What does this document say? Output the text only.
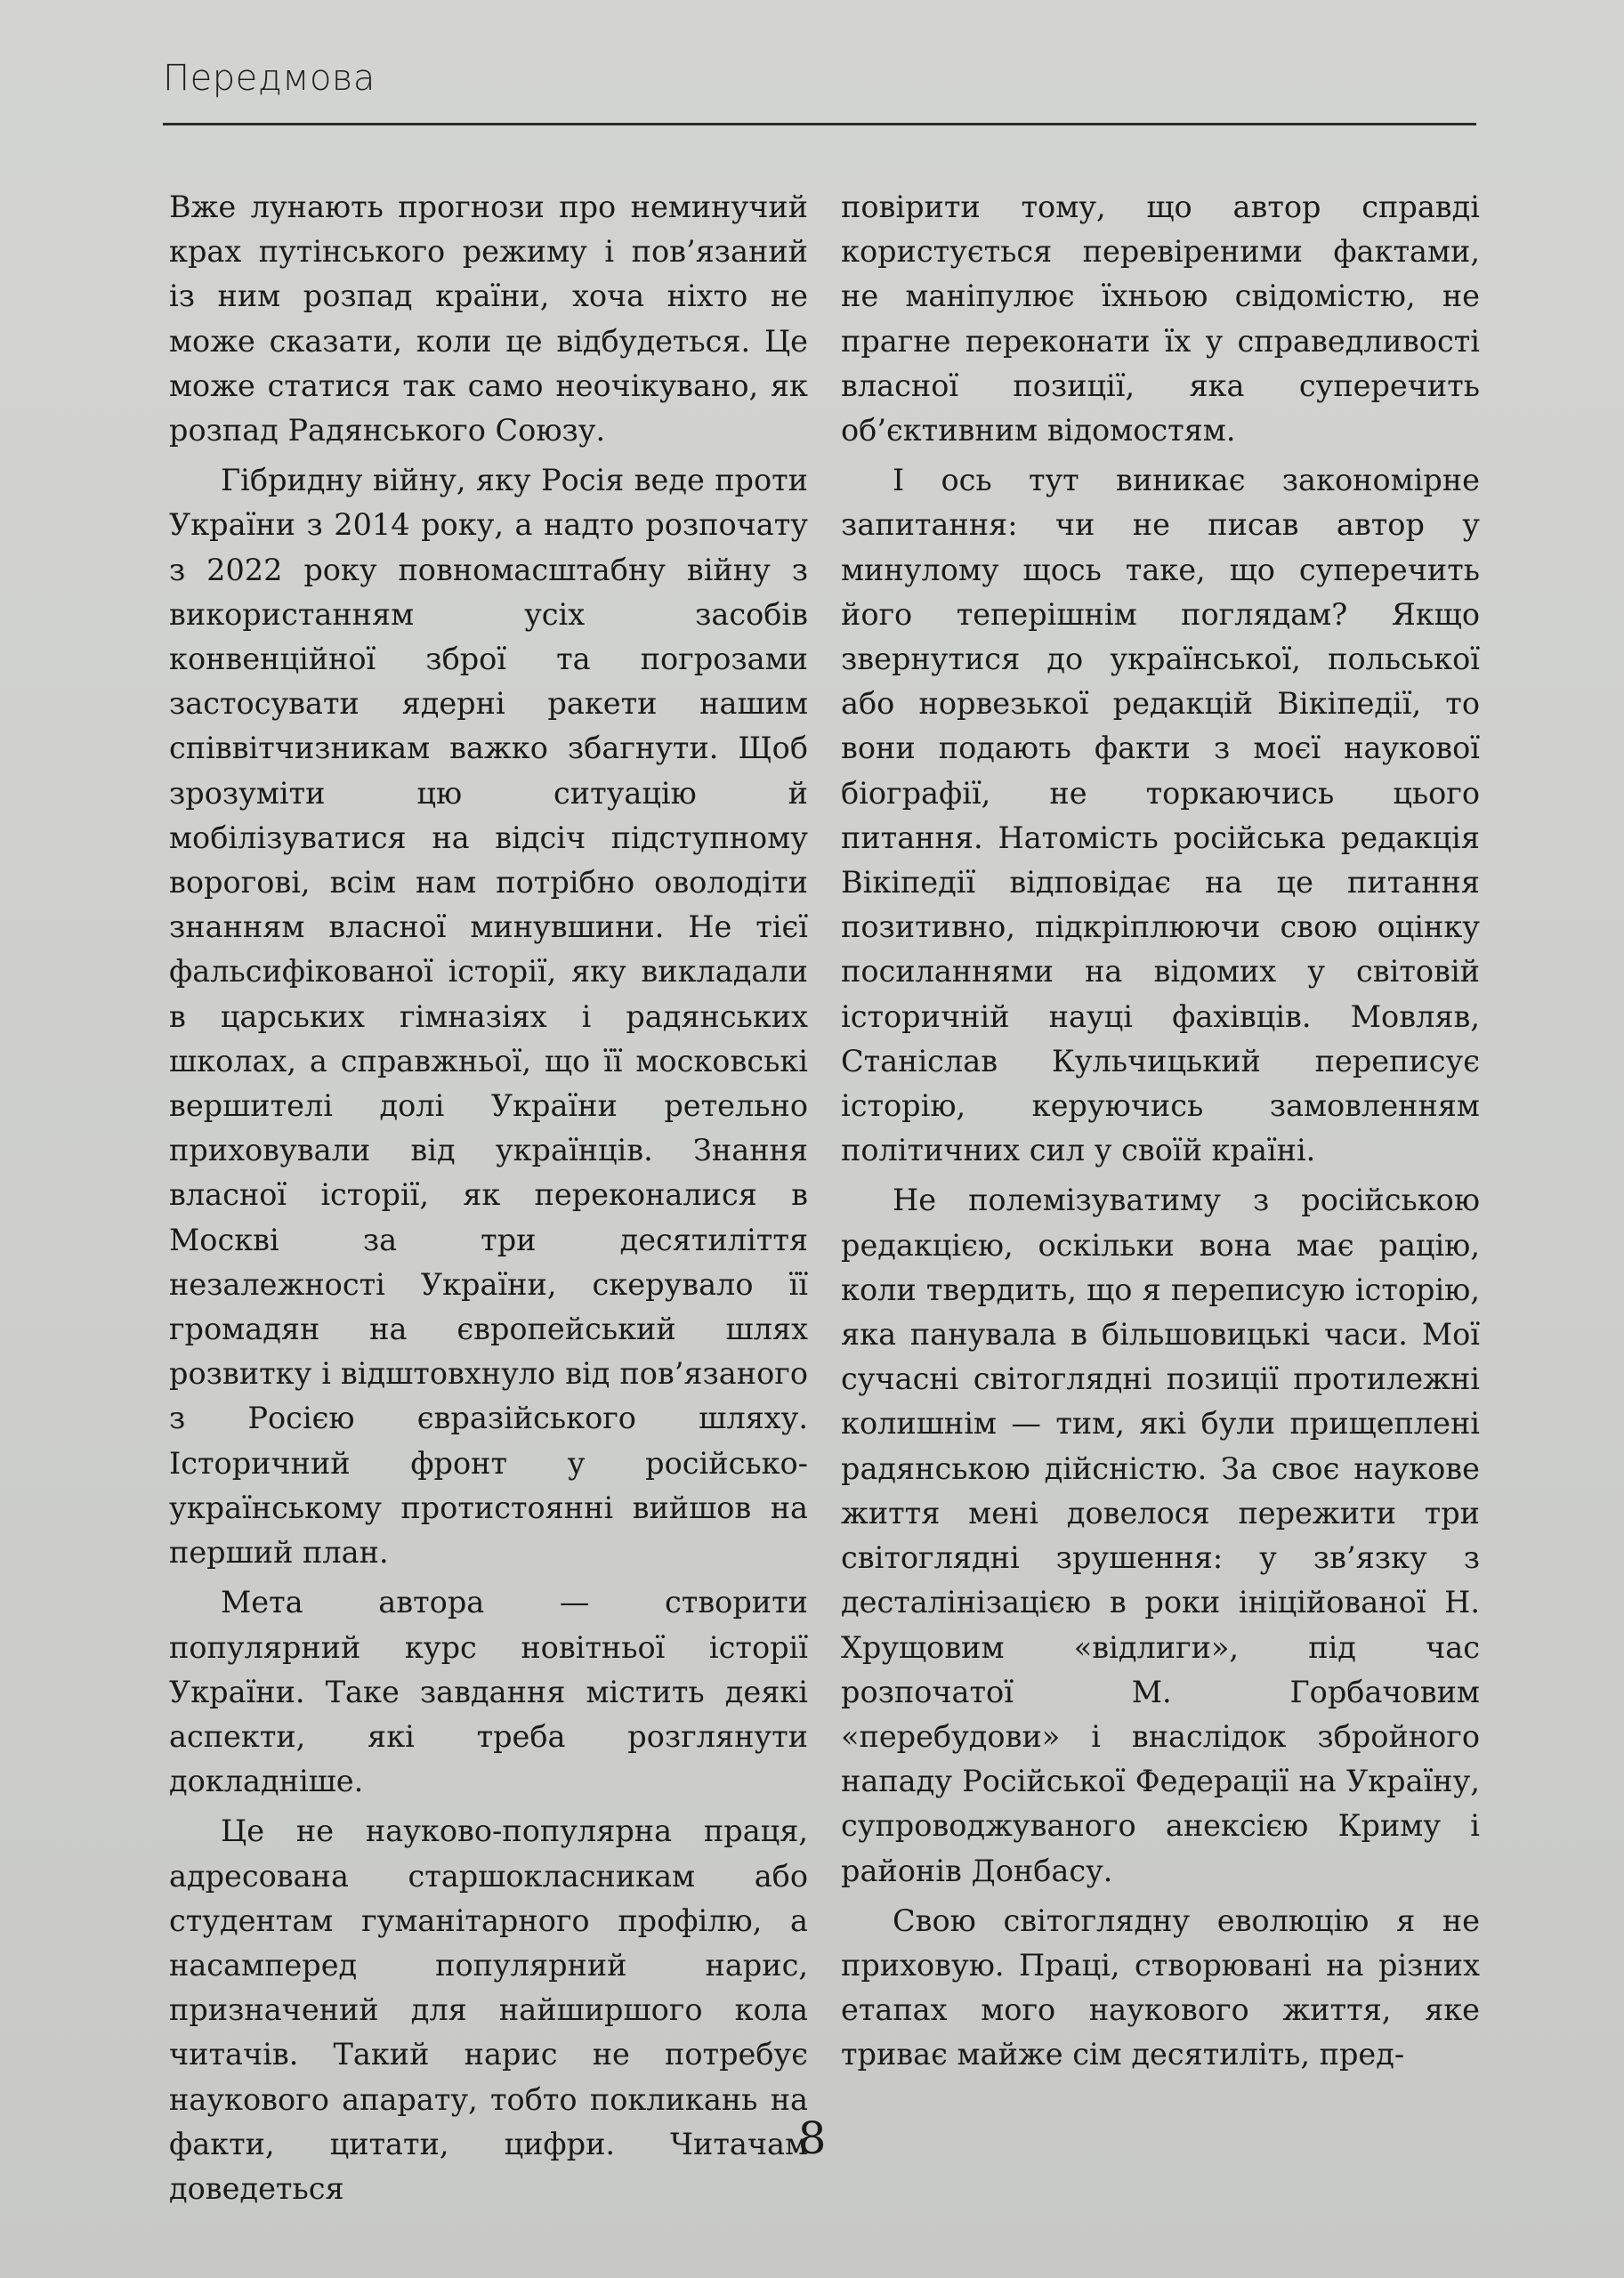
Передмова

Вже лунають прогнози про неминучий крах путінського режиму і пов’язаний із ним розпад країни, хоча ніхто не може сказати, коли це відбудеться. Це може статися так само неочікувано, як розпад Радянського Союзу.

Гібридну війну, яку Росія веде проти України з 2014 року, а надто розпочату з 2022 року повномасштабну війну з використанням усіх засобів конвенційної зброї та погрозами застосувати ядерні ракети нашим співвітчизникам важко збагнути. Щоб зрозуміти цю ситуацію й мобілізуватися на відсіч підступному ворогові, всім нам потрібно оволодіти знанням власної минувшини. Не тієї фальсифікованої історії, яку викладали в царських гімназіях і радянських школах, а справжньої, що її московські вершителі долі України ретельно приховували від українців. Знання власної історії, як переконалися в Москві за три десятиліття незалежності України, скерувало її громадян на європейський шлях розвитку і відштовхнуло від пов’язаного з Росією євразійського шляху. Історичний фронт у російсько-українському протистоянні вийшов на перший план.

Мета автора — створити популярний курс новітньої історії України. Таке завдання містить деякі аспекти, які треба розглянути докладніше.

Це не науково-популярна праця, адресована старшокласникам або студентам гуманітарного профілю, а насамперед популярний нарис, призначений для найширшого кола читачів. Такий нарис не потребує наукового апарату, тобто покликань на факти, цитати, цифри. Читачам доведеться

повірити тому, що автор справді користується перевіреними фактами, не маніпулює їхньою свідомістю, не прагне переконати їх у справедливості власної позиції, яка суперечить об’єктивним відомостям.

І ось тут виникає закономірне запитання: чи не писав автор у минулому щось таке, що суперечить його теперішнім поглядам? Якщо звернутися до української, польської або норвезької редакцій Вікіпедії, то вони подають факти з моєї наукової біографії, не торкаючись цього питання. Натомість російська редакція Вікіпедії відповідає на це питання позитивно, підкріплюючи свою оцінку посиланнями на відомих у світовій історичній науці фахівців. Мовляв, Станіслав Кульчицький переписує історію, керуючись замовленням політичних сил у своїй країні.

Не полемізуватиму з російською редакцією, оскільки вона має рацію, коли твердить, що я переписую історію, яка панувала в більшовицькі часи. Мої сучасні світоглядні позиції протилежні колишнім — тим, які були прищеплені радянською дійсністю. За своє наукове життя мені довелося пережити три світоглядні зрушення: у зв’язку з десталінізацією в роки ініційованої Н. Хрущовим «відлиги», під час розпочатої М. Горбачовим «перебудови» і внаслідок збройного нападу Російської Федерації на Україну, супроводжуваного анексією Криму і районів Донбасу.

Свою світоглядну еволюцію я не приховую. Праці, створювані на різних етапах мого наукового життя, яке триває майже сім десятиліть, пред-

8
